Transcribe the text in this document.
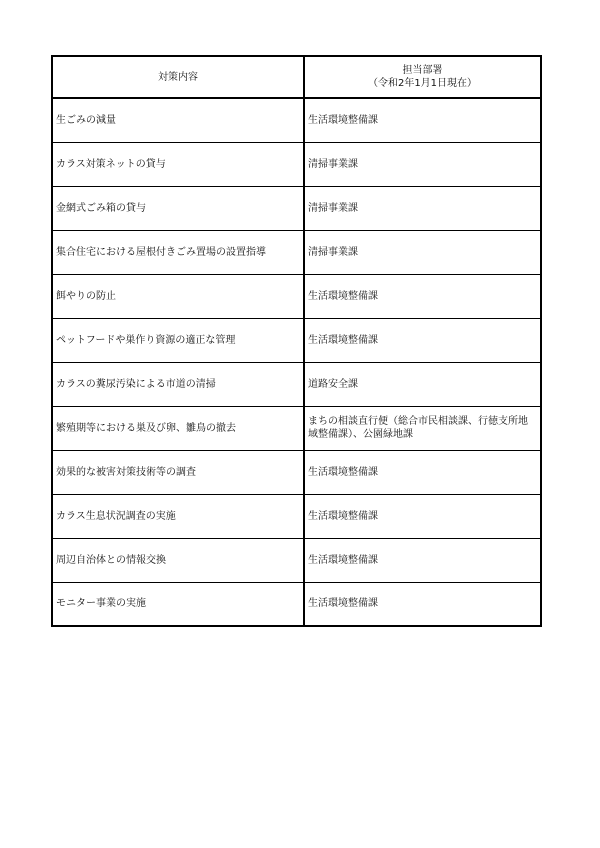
対策内容	担当部署
（令和2年1月1日現在）

生ごみの減量	生活環境整備課
カラス対策ネットの貸与	清掃事業課
金網式ごみ箱の貸与	清掃事業課
集合住宅における屋根付きごみ置場の設置指導	清掃事業課
餌やりの防止	生活環境整備課
ペットフードや巣作り資源の適正な管理	生活環境整備課
カラスの糞尿汚染による市道の清掃	道路安全課
繁殖期等における巣及び卵、雛鳥の撤去	まちの相談直行便（総合市民相談課、行徳支所地域整備課）、公園緑地課
効果的な被害対策技術等の調査	生活環境整備課
カラス生息状況調査の実施	生活環境整備課
周辺自治体との情報交換	生活環境整備課
モニター事業の実施	生活環境整備課
